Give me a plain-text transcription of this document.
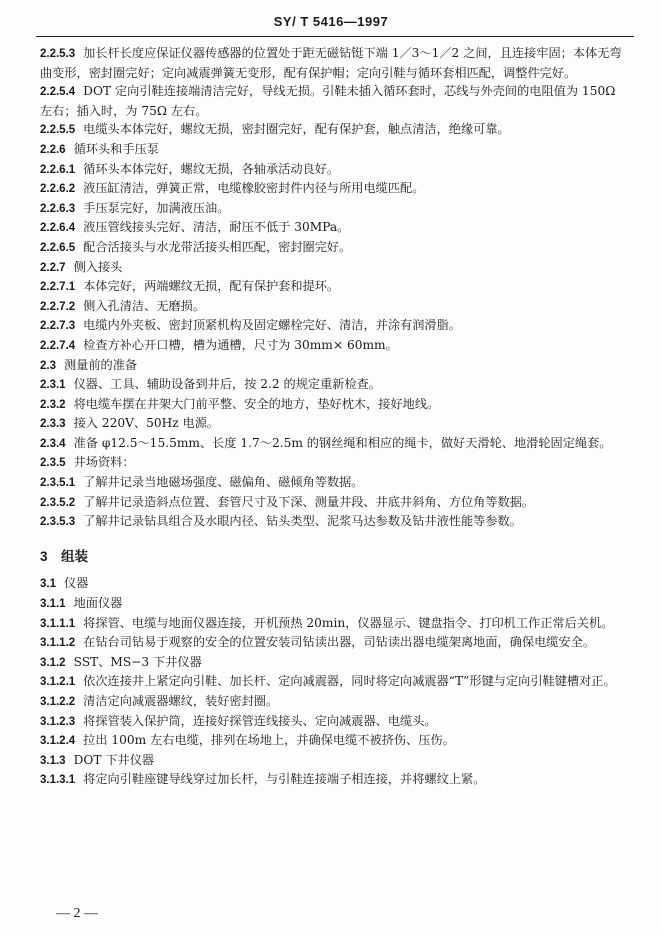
SY/ T 5416—1997

2.2.5.3 加长杆长度应保证仪器传感器的位置处于距无磁钻铤下端 1／3～1／2 之间，且连接牢固；本体无弯曲变形，密封圈完好；定向减震弹簧无变形，配有保护帽；定向引鞋与循环套相匹配，调整件完好。

2.2.5.4 DOT 定向引鞋连接端清洁完好，导线无损。引鞋未插入循环套时，芯线与外壳间的电阻值为 150Ω 左右；插入时，为 75Ω 左右。

2.2.5.5 电缆头本体完好，螺纹无损，密封圈完好，配有保护套，触点清洁，绝缘可靠。

2.2.6 循环头和手压泵

2.2.6.1 循环头本体完好，螺纹无损，各轴承活动良好。

2.2.6.2 液压缸清洁，弹簧正常，电缆橡胶密封件内径与所用电缆匹配。

2.2.6.3 手压泵完好，加满液压油。

2.2.6.4 液压管线接头完好、清洁，耐压不低于 30MPa。

2.2.6.5 配合活接头与水龙带活接头相匹配，密封圈完好。

2.2.7 侧入接头

2.2.7.1 本体完好，两端螺纹无损，配有保护套和提环。

2.2.7.2 侧入孔清洁、无磨损。

2.2.7.3 电缆内外夹板、密封顶紧机构及固定螺栓完好、清洁，并涂有润滑脂。

2.2.7.4 检查方补心开口槽，槽为通槽，尺寸为 30mm× 60mm。

2.3 测量前的准备

2.3.1 仪器、工具、辅助设备到井后，按 2.2 的规定重新检查。

2.3.2 将电缆车摆在井架大门前平整、安全的地方，垫好枕木，接好地线。

2.3.3 接入 220V、50Hz 电源。

2.3.4 准备 φ12.5～15.5mm、长度 1.7～2.5m 的钢丝绳和相应的绳卡，做好天滑轮、地滑轮固定绳套。

2.3.5 井场资料：

2.3.5.1 了解井记录当地磁场强度、磁偏角、磁倾角等数据。

2.3.5.2 了解井记录造斜点位置、套管尺寸及下深、测量井段、井底井斜角、方位角等数据。

2.3.5.3 了解井记录钻具组合及水眼内径、钻头类型、泥浆马达参数及钻井液性能等参数。

3　组装

3.1 仪器

3.1.1 地面仪器

3.1.1.1 将探管、电缆与地面仪器连接，开机预热 20min，仪器显示、键盘指令、打印机工作正常后关机。

3.1.1.2 在钻台司钻易于观察的安全的位置安装司钻读出器，司钻读出器电缆架离地面，确保电缆安全。

3.1.2 SST、MS−3 下井仪器

3.1.2.1 依次连接井上紧定向引鞋、加长杆、定向减震器，同时将定向减震器“T”形键与定向引鞋键槽对正。

3.1.2.2 清洁定向减震器螺纹，装好密封圈。

3.1.2.3 将探管装入保护筒，连接好探管连线接头、定向减震器、电缆头。

3.1.2.4 拉出 100m 左右电缆，排列在场地上，并确保电缆不被挤伤、压伤。

3.1.3 DOT 下井仪器

3.1.3.1 将定向引鞋座键导线穿过加长杆，与引鞋连接端子相连接，并将螺纹上紧。

— 2 —
